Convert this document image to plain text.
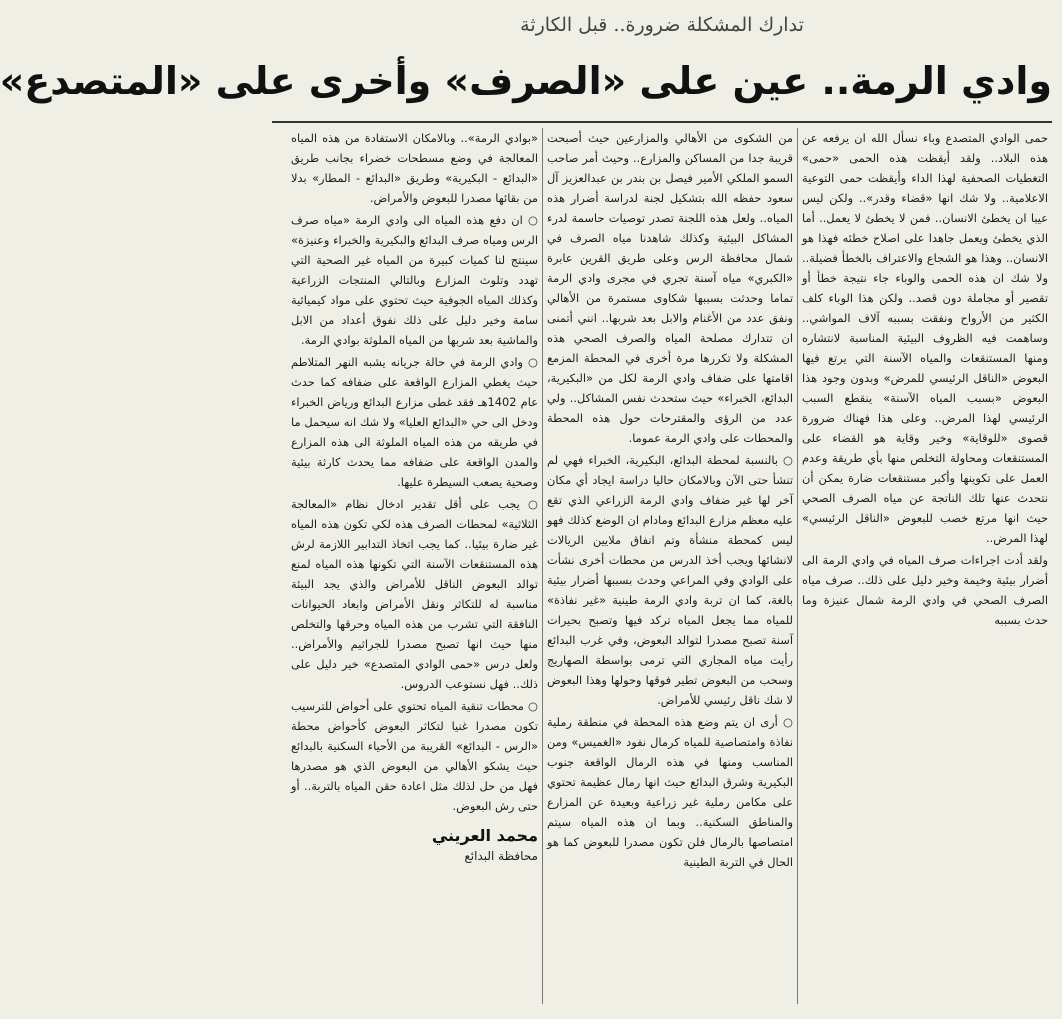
تدارك المشكلة ضرورة.. قبل الكارثة
وادي الرمة.. عين على «الصرف» وأخرى على «المتصدع»

حمى الوادي المتصدع وباء نسأل الله ان يرفعه عن هذه البلاد.. ولقد أيقظت هذه الحمى «حمى» التغطيات الصحفية لهذا الداء وأيقظت حمى التوعية الاعلامية.. ولا شك انها «قضاء وقدر».. ولكن ليس عيبا ان يخطئ الانسان.. فمن لا يخطئ لا يعمل.. أما الذي يخطئ ويعمل جاهدا على اصلاح خطئه فهذا هو الانسان.. وهذا هو الشجاع والاعتراف بالخطأ فضيلة.. ولا شك ان هذه الحمى والوباء جاء نتيجة خطأ أو تقصير أو مجاملة دون قصد.. ولكن هذا الوباء كلف الكثير من الأرواح ونفقت بسببه آلاف المواشي.. وساهمت فيه الظروف البيئية المناسبة لانتشاره ومنها المستنقعات والمياه الآسنة التي يرتع فيها البعوض «الناقل الرئيسي للمرض» وبدون وجود هذا البعوض «بسبب المياه الآسنة» ينقطع السبب الرئيسي لهذا المرض.. وعلى هذا فهناك ضرورة قصوى «للوقاية» وخير وقاية هو القضاء على المستنقعات ومحاولة التخلص منها بأي طريقة وعدم العمل على تكوينها وأكبر مستنقعات ضارة يمكن أن نتحدث عنها تلك الناتجة عن مياه الصرف الصحي حيث انها مرتع خصب للبعوض «الناقل الرئيسي» لهذا المرض..

ولقد أدت اجراءات صرف المياه في وادي الرمة الى أضرار بيئية وخيمة وخير دليل على ذلك.. صرف مياه الصرف الصحي في وادي الرمة شمال عنيزة وما حدث بسببه

من الشكوى من الأهالي والمزارعين حيث أصبحت قريبة جدا من المساكن والمزارع.. وحيث أمر صاحب السمو الملكي الأمير فيصل بن بندر بن عبدالعزيز آل سعود حفظه الله بتشكيل لجنة لدراسة أضرار هذه المياه.. ولعل هذه اللجنة تصدر توصيات حاسمة لدرء المشاكل البيئية وكذلك شاهدنا مياه الصرف في شمال محافظة الرس وعلى طريق القرين عابرة «الكبري» مياه آسنة تجري في مجرى وادي الرمة تماما وحدثت بسببها شكاوى مستمرة من الأهالي ونفق عدد من الأغنام والابل بعد شربها.. انني أتمنى ان تتدارك مصلحة المياه والصرف الصحي هذه المشكلة ولا تكررها مرة أخرى في المحطة المزمع اقامتها على ضفاف وادي الرمة لكل من «البكيرية، البدائع، الخبراء» حيث ستحدث نفس المشاكل.. ولي عدد من الرؤى والمقترحات حول هذه المحطة والمحطات على وادي الرمة عموما.

○ بالنسبة لمحطة البدائع، البكيرية، الخبراء فهي لم تنشأ حتى الآن وبالامكان حاليا دراسة ايجاد أي مكان آخر لها غير ضفاف وادي الرمة الزراعي الذي تقع عليه معظم مزارع البدائع ومادام ان الوضع كذلك فهو ليس كمحطة منشأة وتم انفاق ملايين الريالات لانشائها ويجب أخذ الدرس من محطات أخرى نشأت على الوادي وفي المراعي وحدث بسببها أضرار بيئية بالغة، كما ان تربة وادي الرمة طينية «غير نفاذة» للمياه مما يجعل المياه تركد فيها وتصبح بحيرات آسنة تصبح مصدرا لتوالد البعوض، وفي غرب البدائع رأيت مياه المجاري التي ترمى بواسطة الصهاريج وسحب من البعوض تطير فوقها وحولها وهذا البعوض لا شك ناقل رئيسي للأمراض.

○ أرى ان يتم وضع هذه المحطة في منطقة رملية نفاذة وامتصاصية للمياه كرمال نفود «الغميس» ومن المناسب ومنها في هذه الرمال الواقعة جنوب البكيرية وشرق البدائع حيث انها رمال عظيمة تحتوي على مكامن رملية غير زراعية وبعيدة عن المزارع والمناطق السكنية.. وبما ان هذه المياه سيتم امتصاصها بالرمال فلن تكون مصدرا للبعوض كما هو الحال في التربة الطينية

«بوادي الرمة».. وبالامكان الاستفادة من هذه المياه المعالجة في وضع مسطحات خضراء بجانب طريق «البدائع - البكيرية» وطريق «البدائع - المطار» بدلا من بقائها مصدرا للبعوض والأمراض.

○ ان دفع هذه المياه الى وادي الرمة «مياه صرف الرس ومياه صرف البدائع والبكيرية والخبراء وعنيزة» سينتج لنا كميات كبيرة من المياه غير الصحية التي تهدد وتلوث المزارع وبالتالي المنتجات الزراعية وكذلك المياه الجوفية حيث تحتوي على مواد كيميائية سامة وخير دليل على ذلك نفوق أعداد من الابل والماشية بعد شربها من المياه الملوثة بوادي الرمة.

○ وادي الرمة في حالة جريانه يشبه النهر المتلاطم حيث يغطي المزارع الواقعة على ضفافه كما حدث عام 1402هـ فقد غطى مزارع البدائع ورياض الخبراء ودخل الى حي «البدائع العليا» ولا شك انه سيحمل ما في طريقه من هذه المياه الملوثة الى هذه المزارع والمدن الواقعة على ضفافه مما يحدث كارثة بيئية وصحية يصعب السيطرة عليها.

○ يجب على أقل تقدير ادخال نظام «المعالجة الثلاثية» لمحطات الصرف هذه لكي تكون هذه المياه غير ضارة بيئيا.. كما يجب اتخاذ التدابير اللازمة لرش هذه المستنقعات الآسنة التي تكونها هذه المياه لمنع توالد البعوض الناقل للأمراض والذي يجد البيئة مناسبة له للتكاثر ونقل الأمراض وابعاد الحيوانات النافقة التي تشرب من هذه المياه وحرقها والتخلص منها حيث انها تصبح مصدرا للجراثيم والأمراض.. ولعل درس «حمى الوادي المتصدع» خير دليل على ذلك.. فهل نستوعب الدروس.

○ محطات تنقية المياه تحتوي على أحواض للترسيب تكون مصدرا غنيا لتكاثر البعوض كأحواض محطة «الرس - البدائع» القريبة من الأحياء السكنية بالبدائع حيث يشكو الأهالي من البعوض الذي هو مصدرها فهل من حل لذلك مثل اعادة حقن المياه بالتربة.. أو حتى رش البعوض.

محمد العريني
محافظة البدائع
